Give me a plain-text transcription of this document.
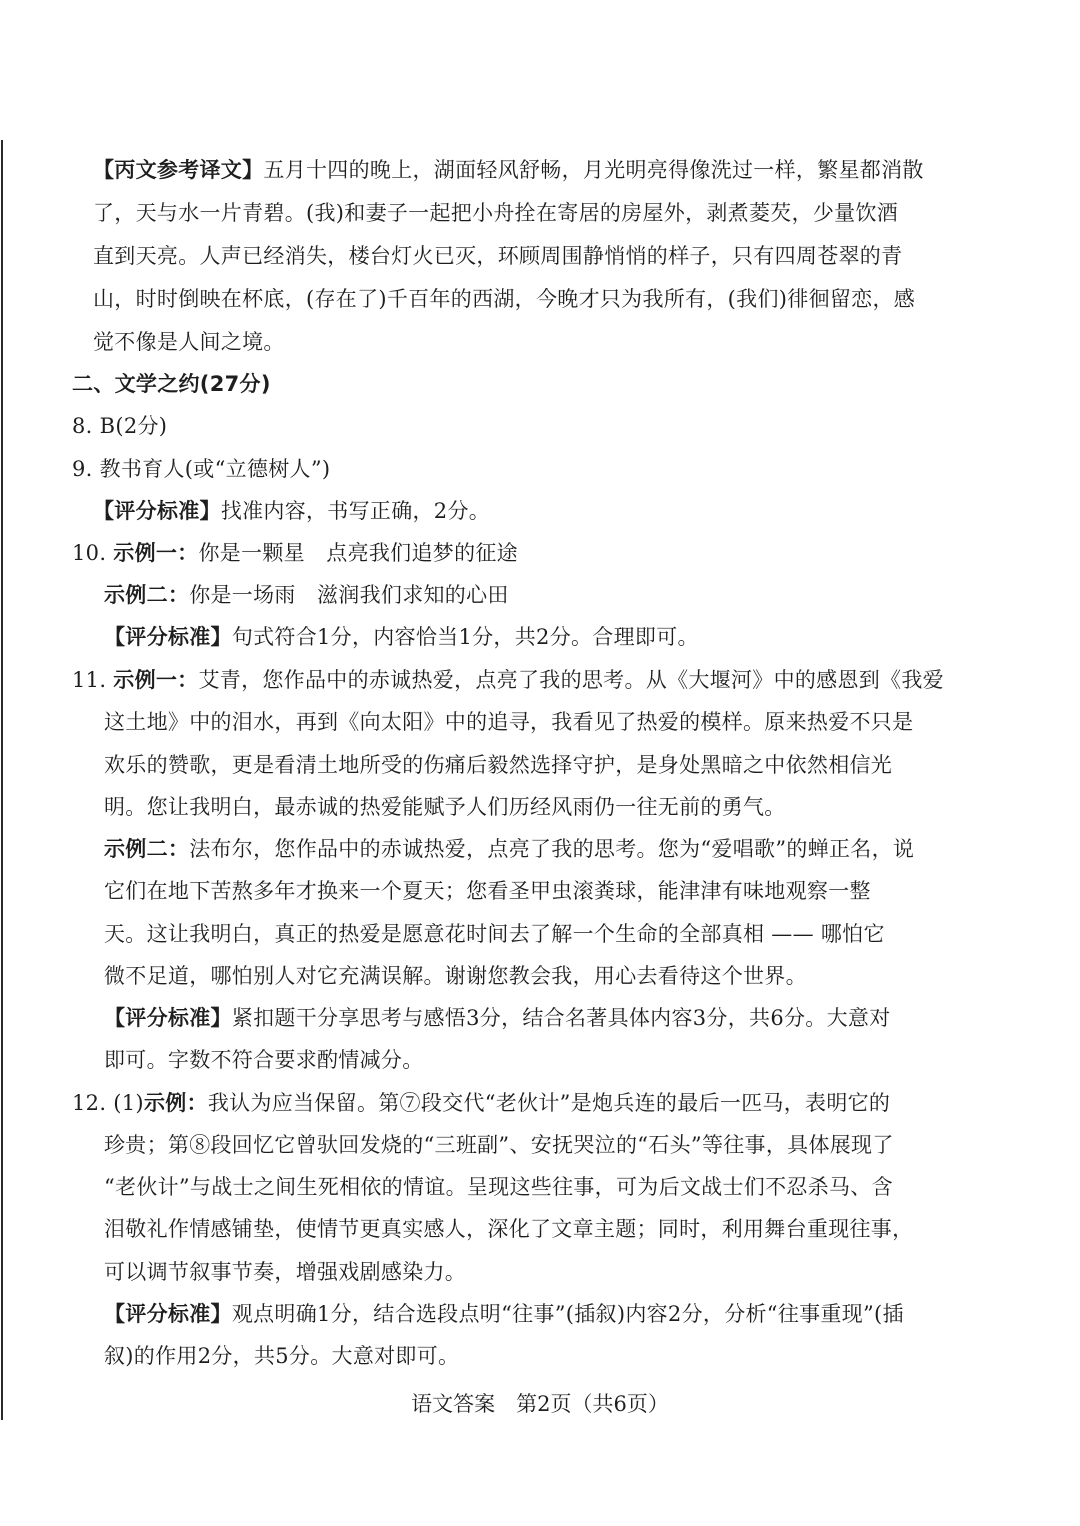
【丙文参考译文】五月十四的晚上，湖面轻风舒畅，月光明亮得像洗过一样，繁星都消散
了，天与水一片青碧。(我)和妻子一起把小舟拴在寄居的房屋外，剥煮菱芡，少量饮酒
直到天亮。人声已经消失，楼台灯火已灭，环顾周围静悄悄的样子，只有四周苍翠的青
山，时时倒映在杯底，(存在了)千百年的西湖，今晚才只为我所有，(我们)徘徊留恋，感
觉不像是人间之境。
二、文学之约(27分)
8. B(2分)
9. 教书育人(或“立德树人”)
【评分标准】找准内容，书写正确，2分。
10. 示例一：你是一颗星　点亮我们追梦的征途
示例二：你是一场雨　滋润我们求知的心田
【评分标准】句式符合1分，内容恰当1分，共2分。合理即可。
11. 示例一：艾青，您作品中的赤诚热爱，点亮了我的思考。从《大堰河》中的感恩到《我爱
这土地》中的泪水，再到《向太阳》中的追寻，我看见了热爱的模样。原来热爱不只是
欢乐的赞歌，更是看清土地所受的伤痛后毅然选择守护，是身处黑暗之中依然相信光
明。您让我明白，最赤诚的热爱能赋予人们历经风雨仍一往无前的勇气。
示例二：法布尔，您作品中的赤诚热爱，点亮了我的思考。您为“爱唱歌”的蝉正名，说
它们在地下苦熬多年才换来一个夏天；您看圣甲虫滚粪球，能津津有味地观察一整
天。这让我明白，真正的热爱是愿意花时间去了解一个生命的全部真相 —— 哪怕它
微不足道，哪怕别人对它充满误解。谢谢您教会我，用心去看待这个世界。
【评分标准】紧扣题干分享思考与感悟3分，结合名著具体内容3分，共6分。大意对
即可。字数不符合要求酌情减分。
12. (1)示例：我认为应当保留。第⑦段交代“老伙计”是炮兵连的最后一匹马，表明它的
珍贵；第⑧段回忆它曾驮回发烧的“三班副”、安抚哭泣的“石头”等往事，具体展现了
“老伙计”与战士之间生死相依的情谊。呈现这些往事，可为后文战士们不忍杀马、含
泪敬礼作情感铺垫，使情节更真实感人，深化了文章主题；同时，利用舞台重现往事，
可以调节叙事节奏，增强戏剧感染力。
【评分标准】观点明确1分，结合选段点明“往事”(插叙)内容2分，分析“往事重现”(插
叙)的作用2分，共5分。大意对即可。
语文答案　第2页（共6页）
